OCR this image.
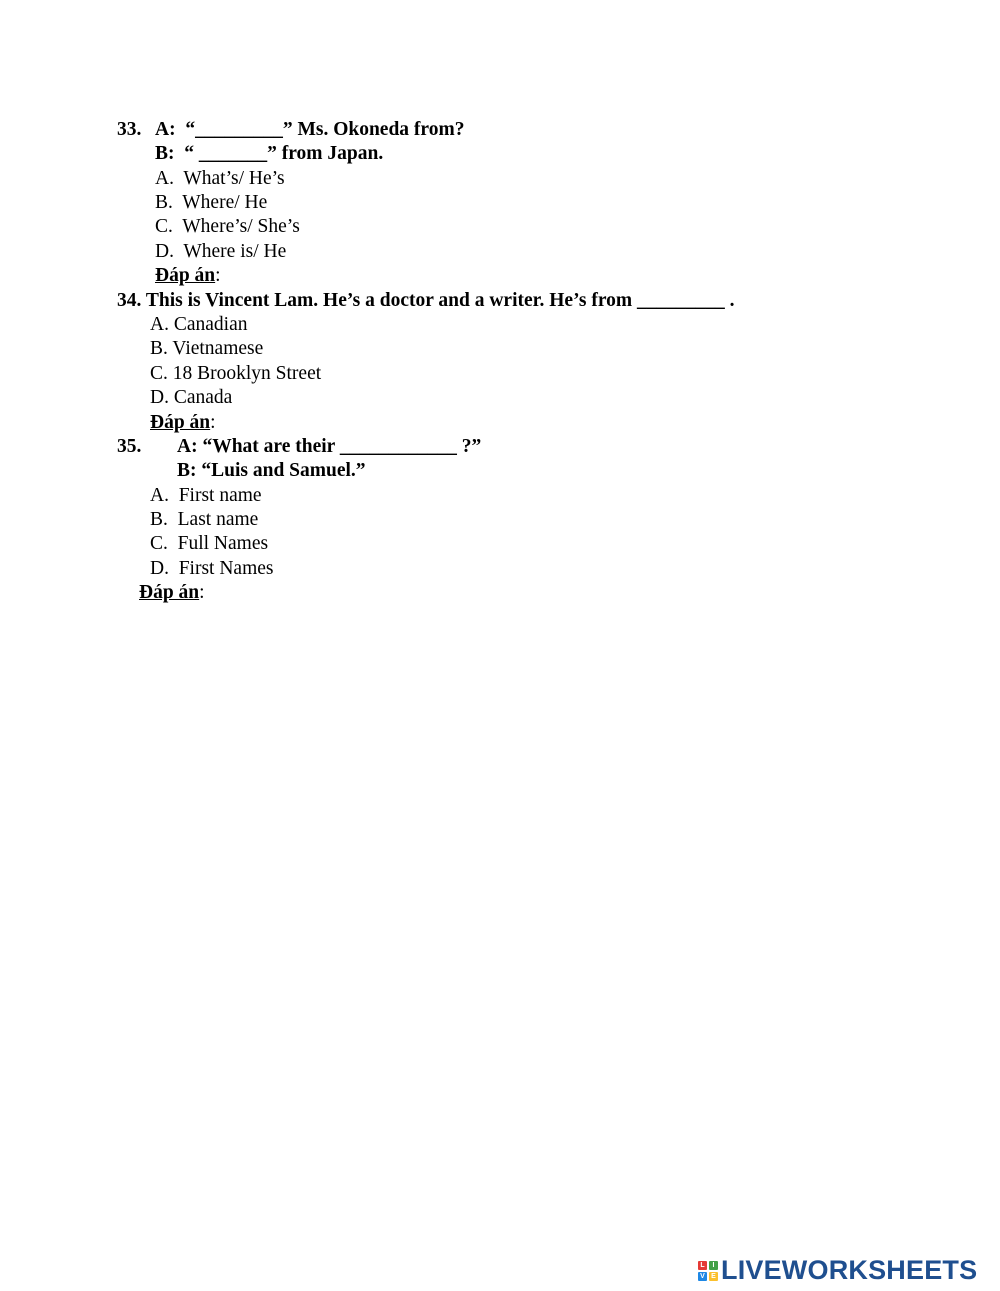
33. A:  “_________” Ms. Okoneda from?
B:  “ _______” from Japan.
A.  What’s/ He’s
B.  Where/ He
C.  Where’s/ She’s
D.  Where is/ He
Đáp án:
34. This is Vincent Lam. He’s a doctor and a writer. He’s from _________ .
A. Canadian
B. Vietnamese
C. 18 Brooklyn Street
D. Canada
Đáp án:
35. A: “What are their ____________ ?”
B: “Luis and Samuel.”
A.  First name
B.  Last name
C.  Full Names
D.  First Names
Đáp án:
L	I
V E LIVEWORKSHEETS
